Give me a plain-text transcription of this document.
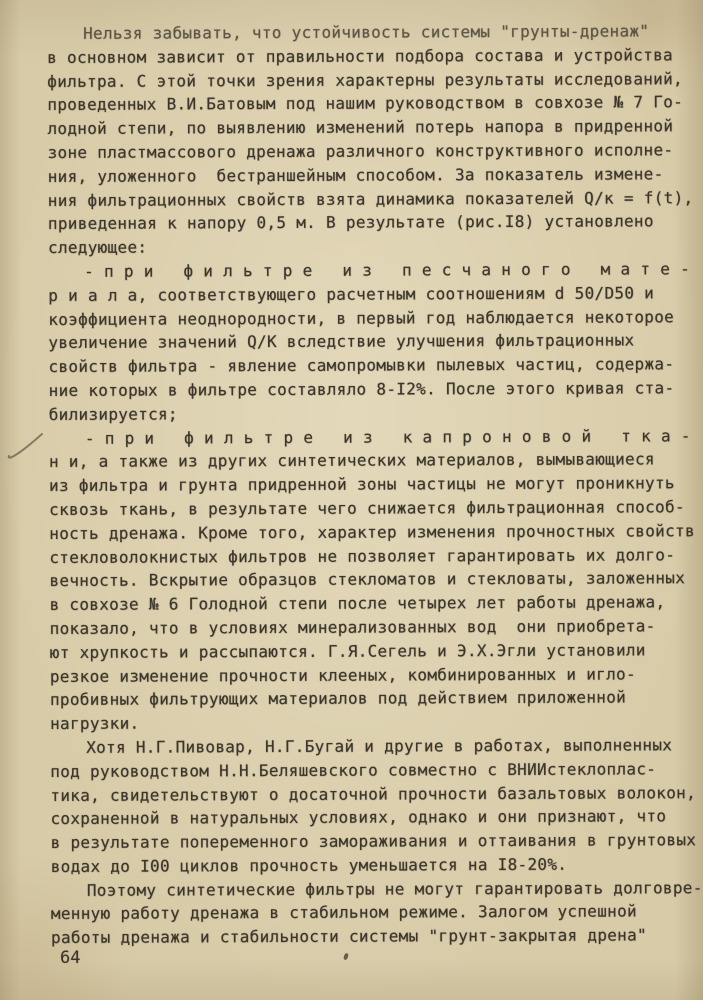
Нельзя забывать, что устойчивость системы "грунты-дренаж"
в основном зависит от правильности подбора состава и устройства
фильтра. С этой точки зрения характерны результаты исследований,
проведенных В.И.Батовым под нашим руководством в совхозе № 7 Го-
лодной степи, по выявлению изменений потерь напора в придренной
зоне пластмассового дренажа различного конструктивного исполне-
ния, уложенного  бестраншейным способом. За показатель измене-
ния фильтрационных свойств взята динамика показателей Q/к = f(t),
приведенная к напору 0,5 м. В результате (рис.I8) установлено
следующее:
- п р и   ф и л ь т р е   и з   п е с ч а н о г о   м а т е -
р и а л а, соответствующего расчетным соотношениям d 50/D50 и
коэффициента неоднородности, в первый год наблюдается некоторое
увеличение значений Q/К вследствие улучшения фильтрационных
свойств фильтра - явление самопромывки пылевых частиц, содержа-
ние которых в фильтре составляло 8-I2%. После этого кривая ста-
билизируется;
- п р и   ф и л ь т р е   и з   к а п р о н о в о й   т к а -
н и, а также из других синтетических материалов, вымывающиеся
из фильтра и грунта придренной зоны частицы не могут проникнуть
сквозь ткань, в результате чего снижается фильтрационная способ-
ность дренажа. Кроме того, характер изменения прочностных свойств
стекловолокнистых фильтров не позволяет гарантировать их долго-
вечность. Вскрытие образцов стекломатов и стекловаты, заложенных
в совхозе № 6 Голодной степи после четырех лет работы дренажа,
показало, что в условиях минерализованных вод  они приобрета-
ют хрупкость и рассыпаются. Г.Я.Сегель и Э.Х.Эгли установили
резкое изменение прочности клееных, комбинированных и игло-
пробивных фильтрующих материалов под действием приложенной
нагрузки.
Хотя Н.Г.Пивовар, Н.Г.Бугай и другие в работах, выполненных
под руководством Н.Н.Беляшевского совместно с ВНИИстеклоплас-
тика, свидетельствуют о досаточной прочности базальтовых волокон,
сохраненной в натуральных условиях, однако и они признают, что
в результате попеременного замораживания и оттаивания в грунтовых
водах до I00 циклов прочность уменьшается на I8-20%.
Поэтому синтетические фильтры не могут гарантировать долговре-
менную работу дренажа в стабильном режиме. Залогом успешной
работы дренажа и стабильности системы "грунт-закрытая дрена"
64
